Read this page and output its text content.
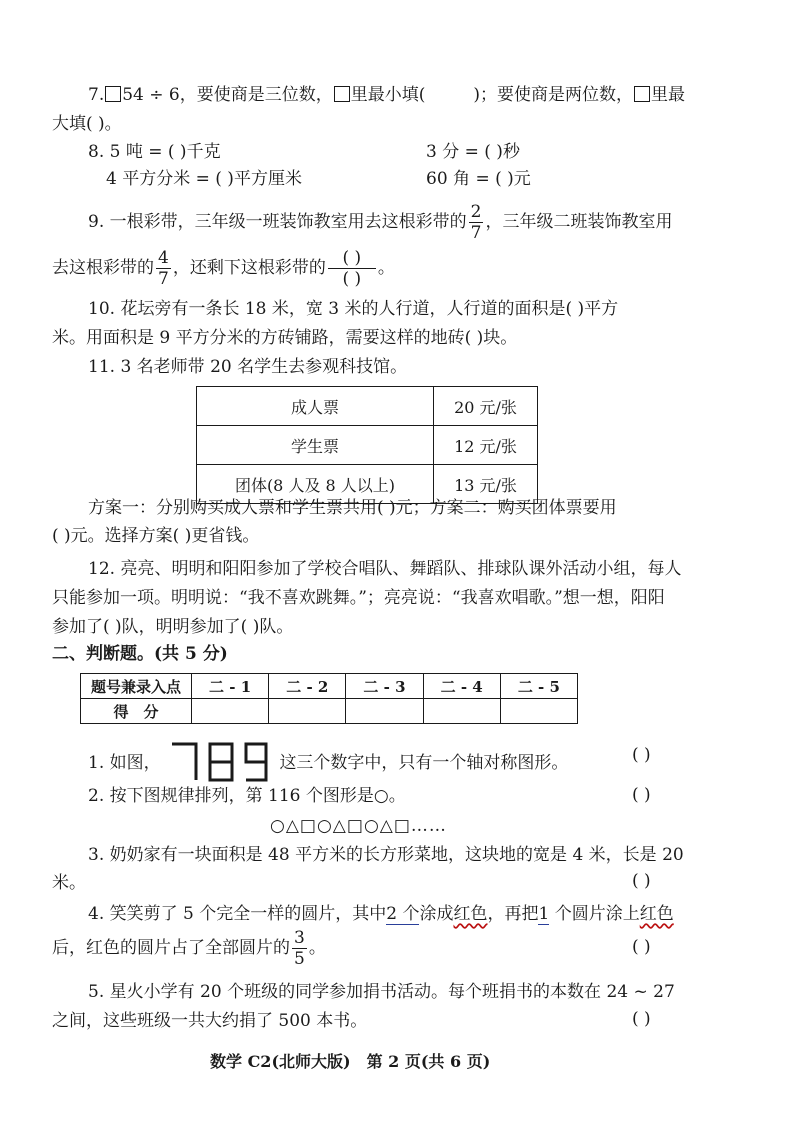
7. 54 ÷ 6，要使商是三位数， 里最小填(	)；要使商是两位数， 里最
大填( )。
8. 5 吨 = ( )千克	3 分 = ( )秒
4 平方分米 = ( )平方厘米	60 角 = ( )元
9. 一根彩带，三年级一班装饰教室用去这根彩带的 $\frac{2}{7}$ ，三年级二班装饰教室用
去这根彩带的 $\frac{4}{7}$ ，还剩下这根彩带的 $\frac{( )}{( )}$ 。
10. 花坛旁有一条长 18 米，宽 3 米的人行道，人行道的面积是( )平方
米。用面积是 9 平方分米的方砖铺路，需要这样的地砖( )块。
11. 3 名老师带 20 名学生去参观科技馆。
成人票	20 元/张
学生票	12 元/张
团体(8 人及 8 人以上)	13 元/张
方案一：分别购买成人票和学生票共用( )元；方案二：购买团体票要用
( )元。选择方案( )更省钱。
12. 亮亮、明明和阳阳参加了学校合唱队、舞蹈队、排球队课外活动小组，每人
只能参加一项。明明说：“我不喜欢跳舞。”；亮亮说：“我喜欢唱歌。”想一想，阳阳
参加了( )队，明明参加了( )队。
二、判断题。(共 5 分)
题号兼录入点	二 - 1	二 - 2	二 - 3	二 - 4	二 - 5
得　分					
1. 如图，	这三个数字中，只有一个轴对称图形。	( )
2. 按下图规律排列，第 116 个图形是○。	( )
○△□○△□○△□……
3. 奶奶家有一块面积是 48 平方米的长方形菜地，这块地的宽是 4 米，长是 20
米。	( )
4. 笑笑剪了 5 个完全一样的圆片，其中2 个涂成红色，再把1 个圆片涂上红色
后，红色的圆片占了全部圆片的 $\frac{3}{5}$ 。	( )
5. 星火小学有 20 个班级的同学参加捐书活动。每个班捐书的本数在 24 ~ 27
之间，这些班级一共大约捐了 500 本书。	( )
数学 C2(北师大版)　第 2 页(共 6 页)
